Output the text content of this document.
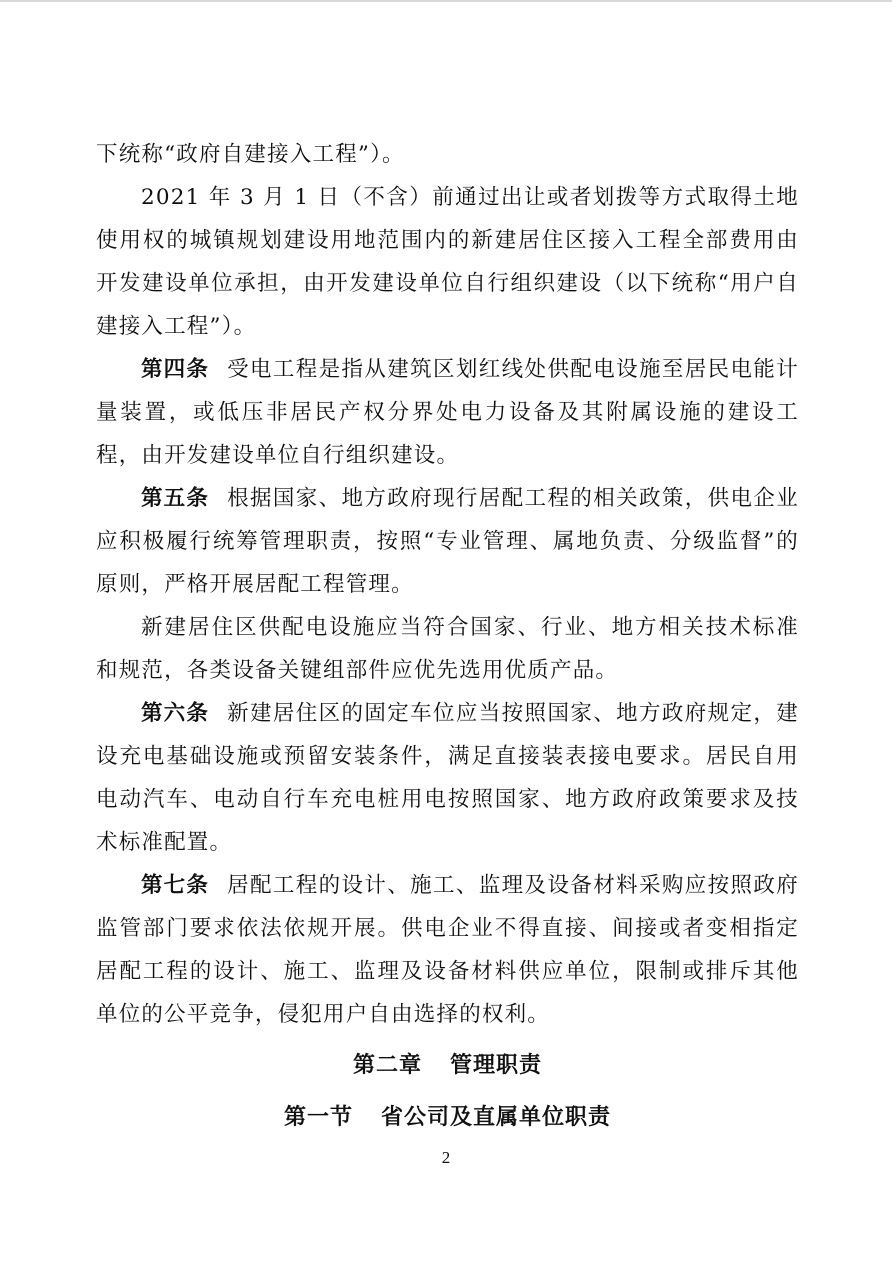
下统称“政府自建接入工程”）。

2021 年 3 月 1 日（不含）前通过出让或者划拨等方式取得土地使用权的城镇规划建设用地范围内的新建居住区接入工程全部费用由开发建设单位承担，由开发建设单位自行组织建设（以下统称“用户自建接入工程”）。

第四条 受电工程是指从建筑区划红线处供配电设施至居民电能计量装置，或低压非居民产权分界处电力设备及其附属设施的建设工程，由开发建设单位自行组织建设。

第五条 根据国家、地方政府现行居配工程的相关政策，供电企业应积极履行统筹管理职责，按照“专业管理、属地负责、分级监督”的原则，严格开展居配工程管理。

新建居住区供配电设施应当符合国家、行业、地方相关技术标准和规范，各类设备关键组部件应优先选用优质产品。

第六条 新建居住区的固定车位应当按照国家、地方政府规定，建设充电基础设施或预留安装条件，满足直接装表接电要求。居民自用电动汽车、电动自行车充电桩用电按照国家、地方政府政策要求及技术标准配置。

第七条 居配工程的设计、施工、监理及设备材料采购应按照政府监管部门要求依法依规开展。供电企业不得直接、间接或者变相指定居配工程的设计、施工、监理及设备材料供应单位，限制或排斥其他单位的公平竞争，侵犯用户自由选择的权利。

第二章 管理职责
第一节 省公司及直属单位职责
2
